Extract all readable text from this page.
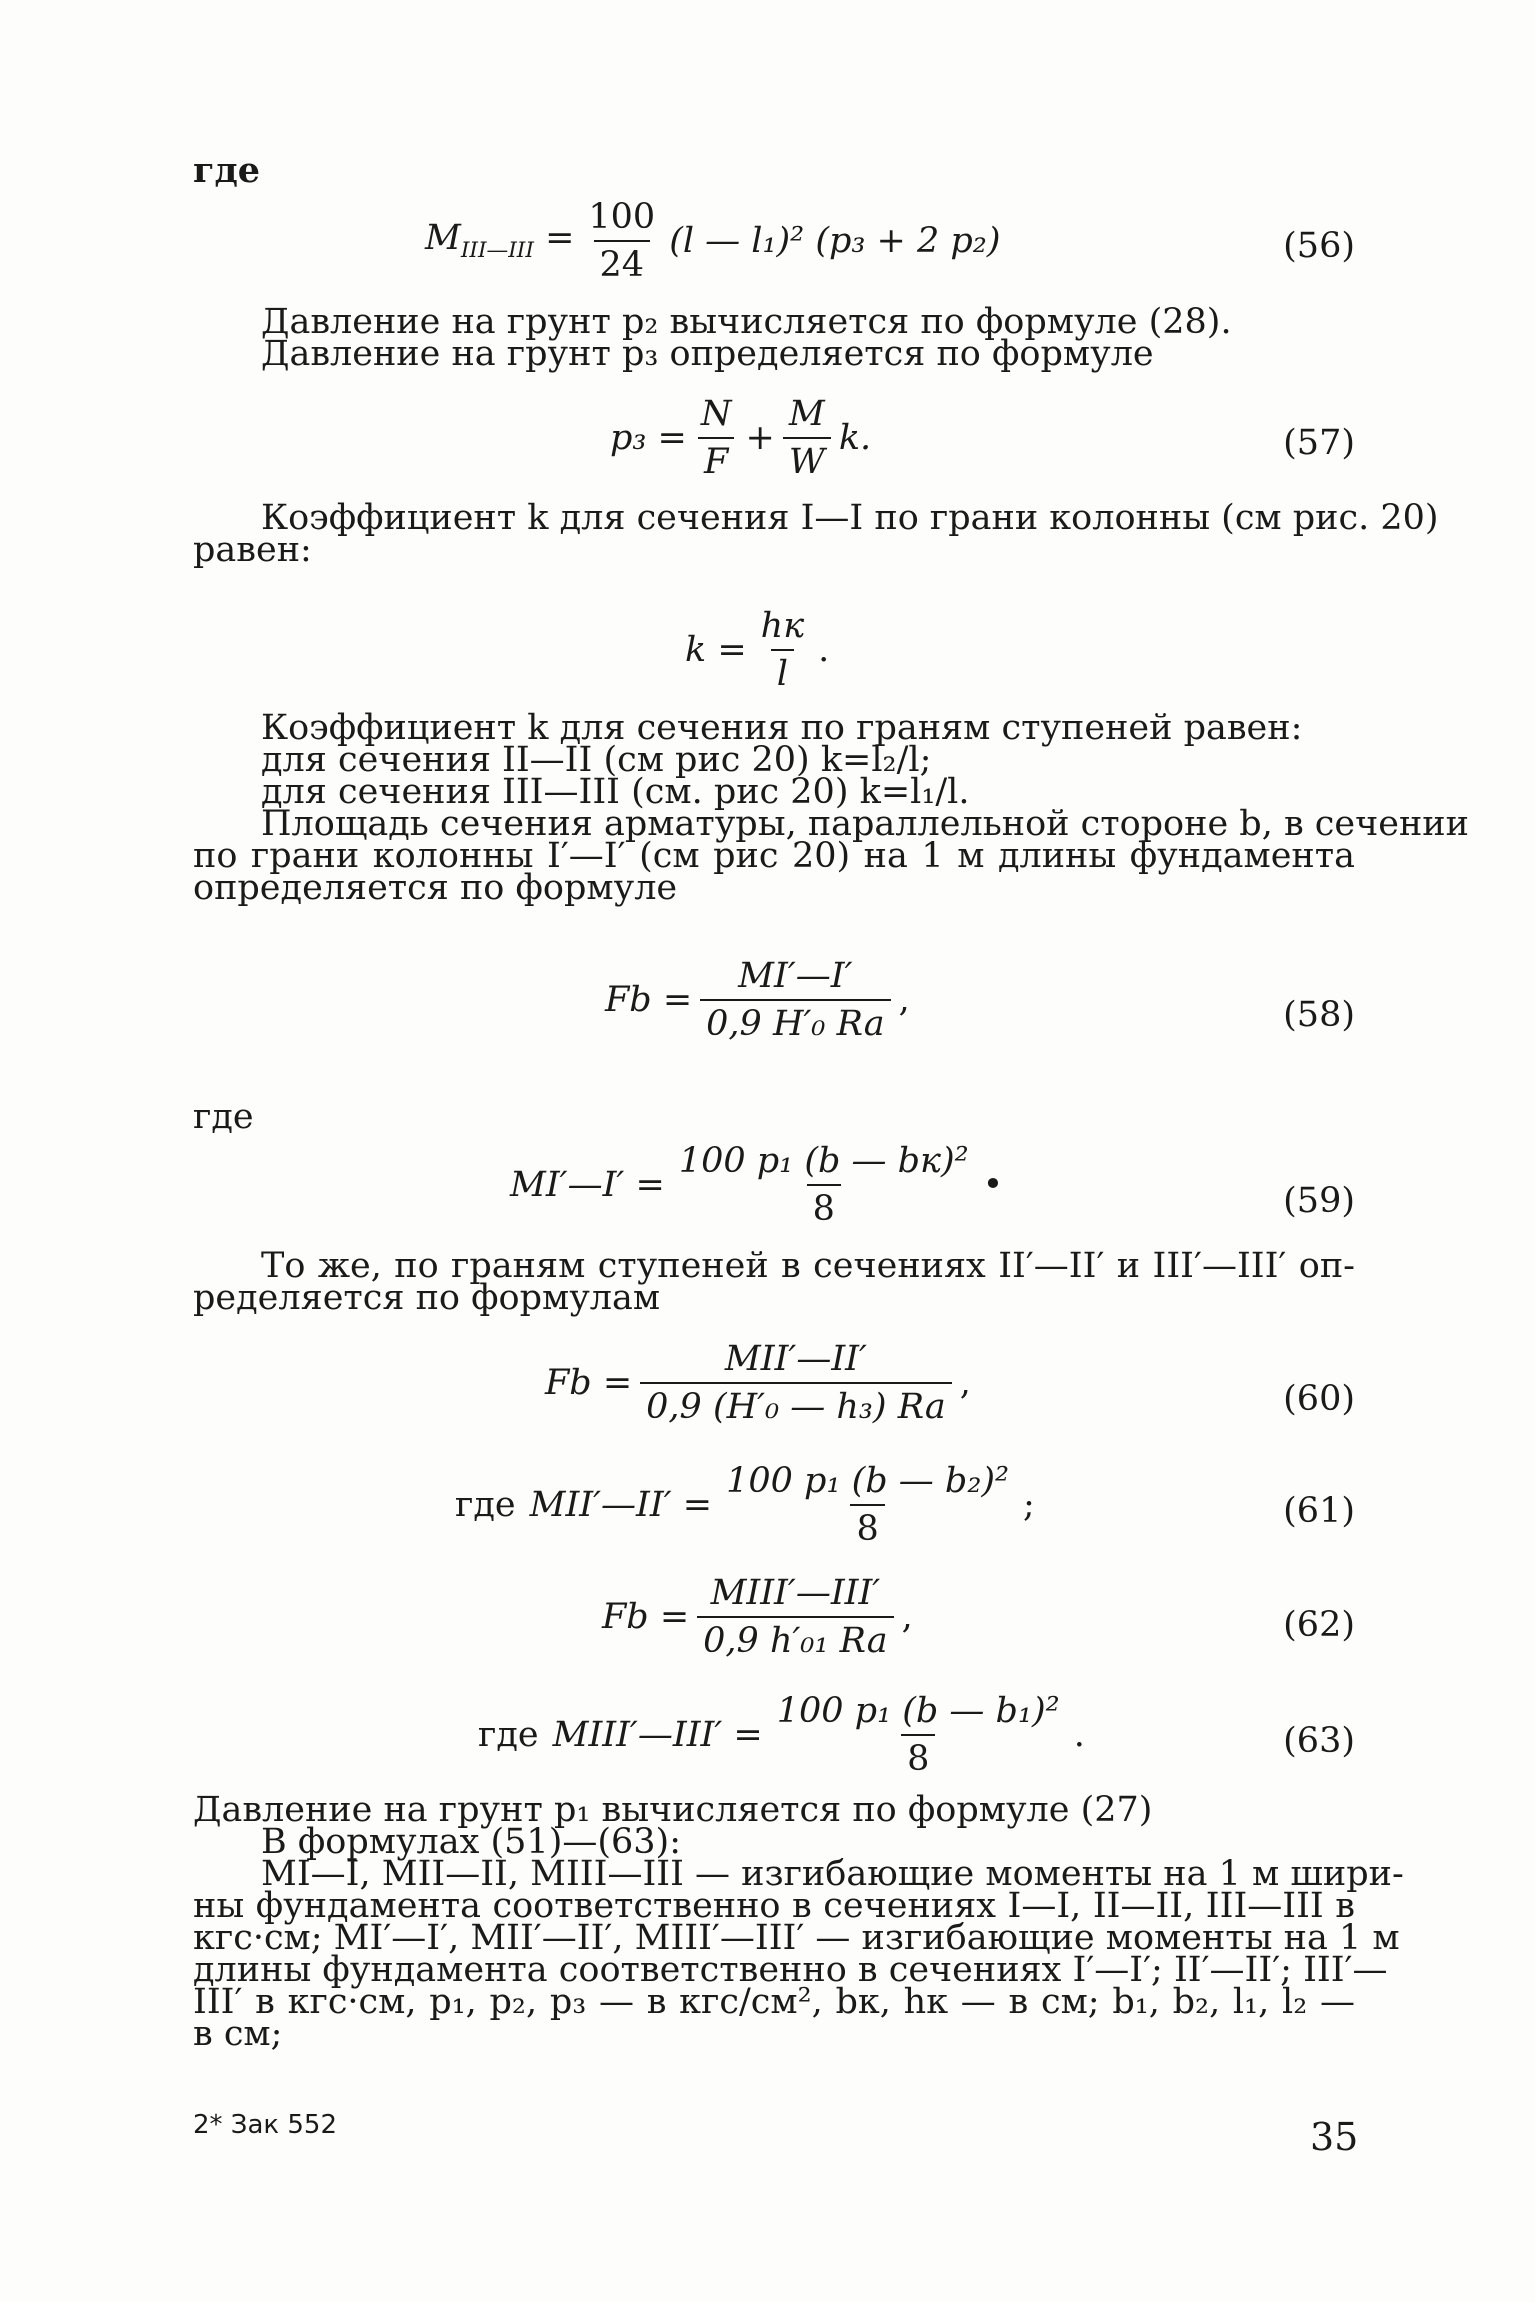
где
$M_{III—III} = \frac{100}{24} (l$ — l₁)² (p₃ + 2 p₂)	(56)
Давление на грунт p₂ вычисляется по формуле (28).
Давление на грунт p₃ определяется по формуле
$p_3 = \frac{N}{F} + \frac{M}{W} k$.	(57)
Коэффициент k для сечения I—I по грани колонны (см рис. 20)
равен:
$k = \frac{hк}{l}$ .
Коэффициент k для сечения по граням ступеней равен:
для сечения II—II (см рис 20) k=l₂/l;
для сечения III—III (см. рис 20) k=l₁/l.
Площадь сечения арматуры, параллельной стороне b, в сечении
по грани колонны I′—I′ (см рис 20) на 1 м длины фундамента
определяется по формуле
$Fb = \frac{MI'—I'}{\text{0,9 H′₀ Ra}}$ ,	(58)
где
MI′—I′ = $\frac{\text{100 p₁ (b — bк)²}}{8}$ •	(59)
То же, по граням ступеней в сечениях II′—II′ и III′—III′ оп-
ределяется по формулам
$Fb = \frac{\text{MII′—II′}}{\text{0,9 (H′₀ — h₃) Ra}}$ ,	(60)
где MII′—II′ = $\frac{\text{100 p₁ (b — b₂)²}}{8}$ ;	(61)
$Fb = \frac{\text{MIII′—III′}}{\text{0,9 h′₀₁ Ra}}$ ,	(62)
где MIII′—III′ = $\frac{\text{100 p₁ (b — b₁)²}}{8}$ .	(63)
Давление на грунт p₁ вычисляется по формуле (27)
В формулах (51)—(63):
MI—I, MII—II, MIII—III — изгибающие моменты на 1 м шири-
ны фундамента соответственно в сечениях I—I, II—II, III—III в
кгс·см; MI′—I′, MII′—II′, MIII′—III′ — изгибающие моменты на 1 м
длины фундамента соответственно в сечениях I′—I′; II′—II′; III′—
III′ в кгс·см, p₁, p₂, p₃ — в кгс/см², bк, hк — в см; b₁, b₂, l₁, l₂ —
в см;
2* Зак 552	35
